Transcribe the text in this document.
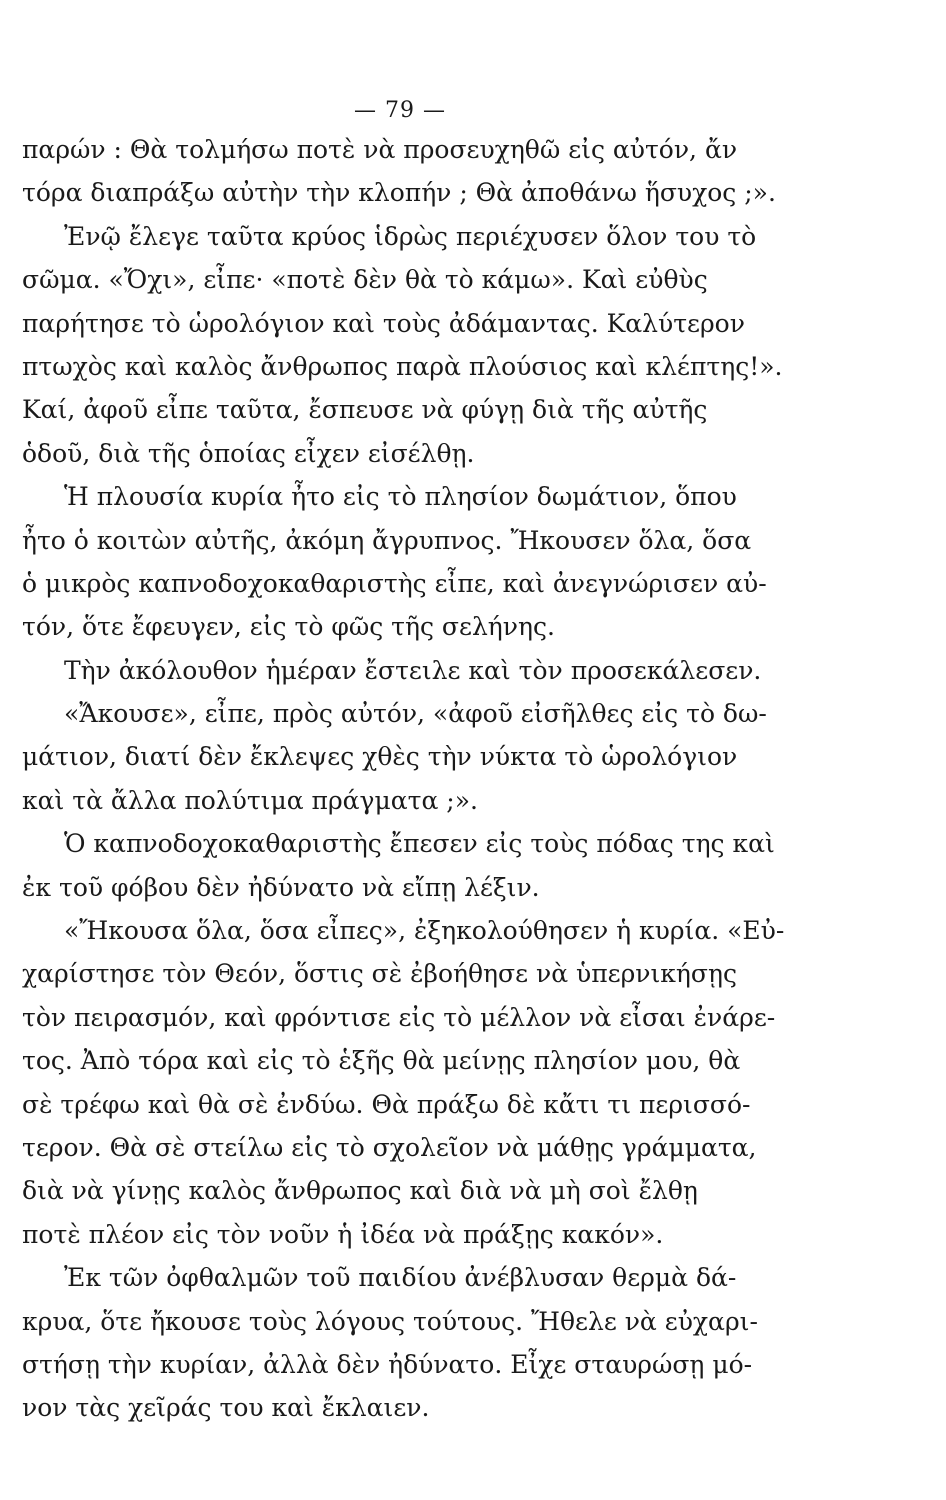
— 79 —
παρών : Θὰ τολμήσω ποτὲ νὰ προσευχηθῶ εἰς αὐτόν, ἄν
τόρα διαπράξω αὐτὴν τὴν κλοπήν ; Θὰ ἀποθάνω ἥσυχος ;».
Ἐνῷ ἔλεγε ταῦτα κρύος ἱδρὼς περιέχυσεν ὅλον του τὸ
σῶμα. «Ὄχι», εἶπε· «ποτὲ δὲν θὰ τὸ κάμω». Καὶ εὐθὺς
παρήτησε τὸ ὡρολόγιον καὶ τοὺς ἀδάμαντας. Καλύτερον
πτωχὸς καὶ καλὸς ἄνθρωπος παρὰ πλούσιος καὶ κλέπτης!».
Καί, ἀφοῦ εἶπε ταῦτα, ἔσπευσε νὰ φύγῃ διὰ τῆς αὐτῆς
ὁδοῦ, διὰ τῆς ὁποίας εἶχεν εἰσέλθῃ.
Ἡ πλουσία κυρία ἦτο εἰς τὸ πλησίον δωμάτιον, ὅπου
ἦτο ὁ κοιτὼν αὐτῆς, ἀκόμη ἄγρυπνος. Ἤκουσεν ὅλα, ὅσα
ὁ μικρὸς καπνοδοχοκαθαριστὴς εἶπε, καὶ ἀνεγνώρισεν αὐ-
τόν, ὅτε ἔφευγεν, εἰς τὸ φῶς τῆς σελήνης.
Τὴν ἀκόλουθον ἡμέραν ἔστειλε καὶ τὸν προσεκάλεσεν.
«Ἄκουσε», εἶπε, πρὸς αὐτόν, «ἀφοῦ εἰσῆλθες εἰς τὸ δω-
μάτιον, διατί δὲν ἔκλεψες χθὲς τὴν νύκτα τὸ ὡρολόγιον
καὶ τὰ ἄλλα πολύτιμα πράγματα ;».
Ὁ καπνοδοχοκαθαριστὴς ἔπεσεν εἰς τοὺς πόδας της καὶ
ἐκ τοῦ φόβου δὲν ἠδύνατο νὰ εἴπῃ λέξιν.
«Ἤκουσα ὅλα, ὅσα εἶπες», ἐξηκολούθησεν ἡ κυρία. «Εὐ-
χαρίστησε τὸν Θεόν, ὅστις σὲ ἐβοήθησε νὰ ὑπερνικήσῃς
τὸν πειρασμόν, καὶ φρόντισε εἰς τὸ μέλλον νὰ εἶσαι ἐνάρε-
τος. Ἀπὸ τόρα καὶ εἰς τὸ ἑξῆς θὰ μείνῃς πλησίον μου, θὰ
σὲ τρέφω καὶ θὰ σὲ ἐνδύω. Θὰ πράξω δὲ κἄτι τι περισσό-
τερον. Θὰ σὲ στείλω εἰς τὸ σχολεῖον νὰ μάθῃς γράμματα,
διὰ νὰ γίνῃς καλὸς ἄνθρωπος καὶ διὰ νὰ μὴ σοὶ ἔλθῃ
ποτὲ πλέον εἰς τὸν νοῦν ἡ ἰδέα νὰ πράξῃς κακόν».
Ἐκ τῶν ὀφθαλμῶν τοῦ παιδίου ἀνέβλυσαν θερμὰ δά-
κρυα, ὅτε ἤκουσε τοὺς λόγους τούτους. Ἤθελε νὰ εὐχαρι-
στήσῃ τὴν κυρίαν, ἀλλὰ δὲν ἠδύνατο. Εἶχε σταυρώσῃ μό-
νον τὰς χεῖράς του καὶ ἔκλαιεν.
